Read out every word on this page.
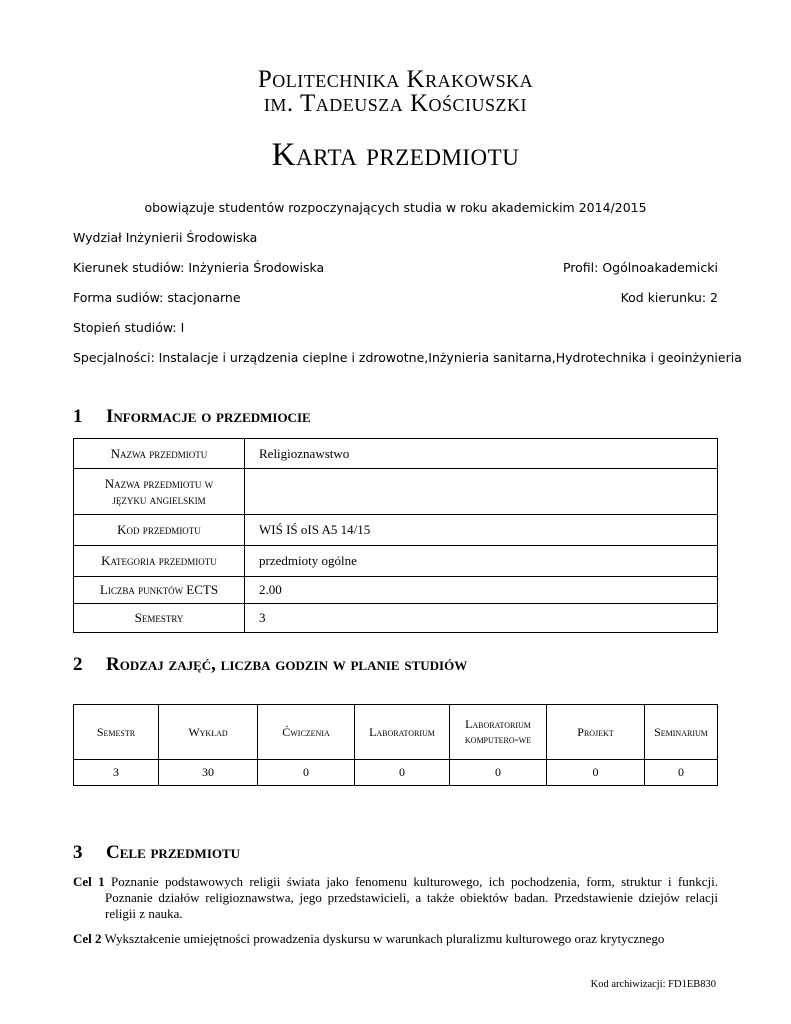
Politechnika Krakowska
im. Tadeusza Kościuszki
Karta przedmiotu
obowiązuje studentów rozpoczynających studia w roku akademickim 2014/2015
Wydział Inżynierii Środowiska
Kierunek studiów: Inżynieria Środowiska	Profil: Ogólnoakademicki
Forma sudiów: stacjonarne	Kod kierunku: 2
Stopień studiów: I
Specjalności: Instalacje i urządzenia cieplne i zdrowotne,Inżynieria sanitarna,Hydrotechnika i geoinżynieria
1 Informacje o przedmiocie
Nazwa przedmiotu	Religioznawstwo
Nazwa przedmiotu w języku angielskim	
Kod przedmiotu	WIŚ IŚ oIS A5 14/15
Kategoria przedmiotu	przedmioty ogólne
Liczba punktów ECTS	2.00
Semestry	3
2 Rodzaj zajęć, liczba godzin w planie studiów
Semestr	Wykład	Ćwiczenia	Laboratorium	Laboratorium komputero-we	Projekt	Seminarium
3	30	0	0	0	0	0
3 Cele przedmiotu
Cel 1 Poznanie podstawowych religii świata jako fenomenu kulturowego, ich pochodzenia, form, struktur i funkcji. Poznanie działów religioznawstwa, jego przedstawicieli, a także obiektów badan. Przedstawienie dziejów relacji religii z nauka.
Cel 2 Wykształcenie umiejętności prowadzenia dyskursu w warunkach pluralizmu kulturowego oraz krytycznego
Kod archiwizacji: FD1EB830
